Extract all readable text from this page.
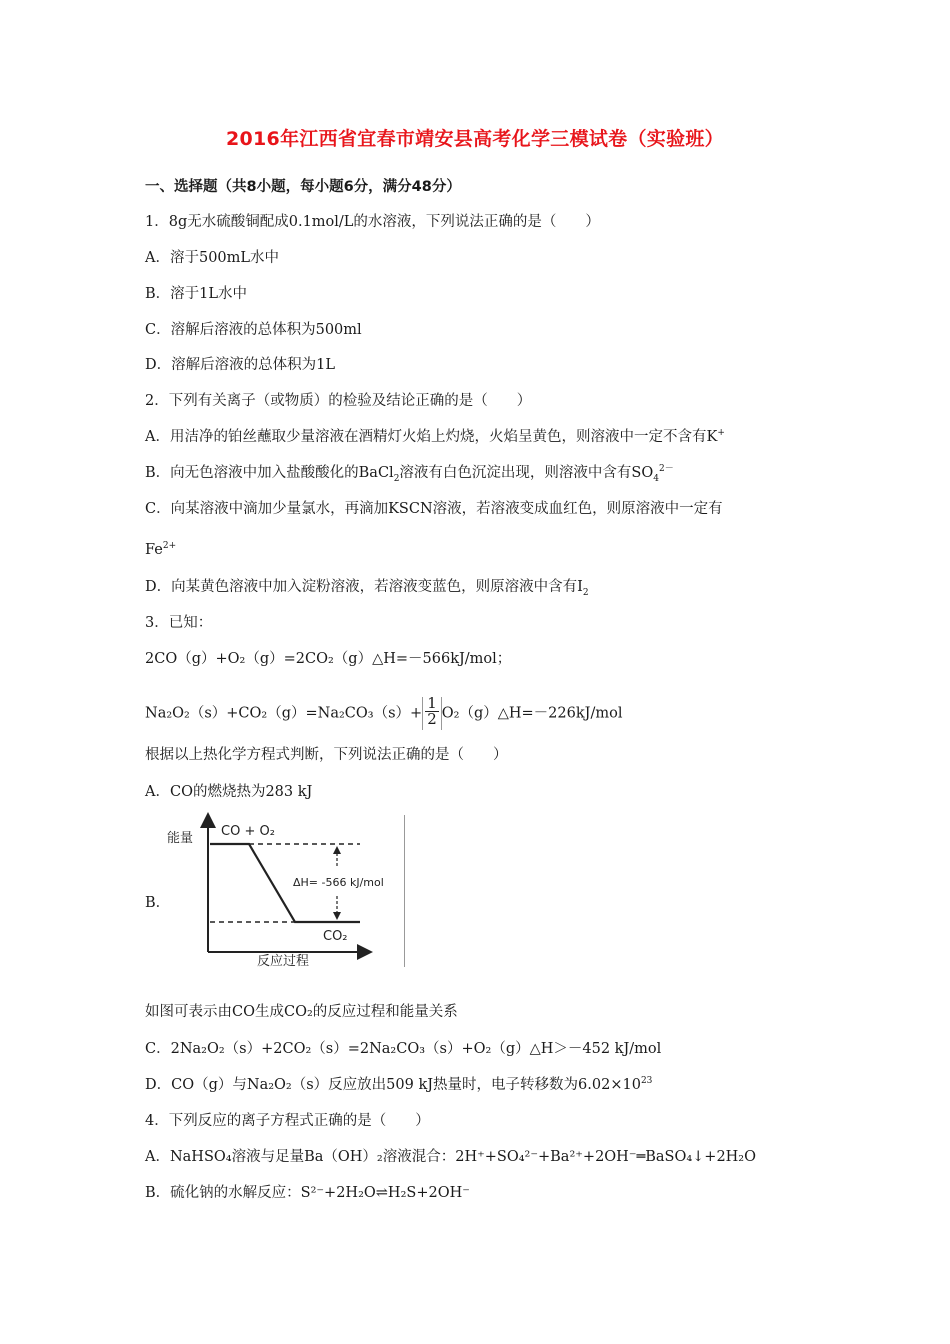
2016年江西省宜春市靖安县高考化学三模试卷（实验班）
一、选择题（共8小题，每小题6分，满分48分）
1．8g无水硫酸铜配成0.1mol/L的水溶液，下列说法正确的是（　　）
A．溶于500mL水中
B．溶于1L水中
C．溶解后溶液的总体积为500ml
D．溶解后溶液的总体积为1L
2．下列有关离子（或物质）的检验及结论正确的是（　　）
A．用洁净的铂丝蘸取少量溶液在酒精灯火焰上灼烧，火焰呈黄色，则溶液中一定不含有K+
B．向无色溶液中加入盐酸酸化的BaCl$_2$溶液有白色沉淀出现，则溶液中含有$SO_4^{2-}$
C．向某溶液中滴加少量氯水，再滴加KSCN溶液，若溶液变成血红色，则原溶液中一定有
$Fe^{2+}$
D．向某黄色溶液中加入淀粉溶液，若溶液变蓝色，则原溶液中含有$I_2$
3．已知：
2CO（g）+O₂（g）=2CO₂（g）△H=－566kJ/mol；
$Na_2O_2(s)+CO_2(g)=Na_2CO_3(s)+ \frac{1}{2}$ O₂（g）△H=－226kJ/mol
根据以上热化学方程式判断，下列说法正确的是（　　）
A．CO的燃烧热为283 kJ
B．
能量 CO + O₂
ΔH= -566 kJ/mol
CO₂
反应过程
如图可表示由CO生成CO₂的反应过程和能量关系
C．2Na₂O₂（s）+2CO₂（s）=2Na₂CO₃（s）+O₂（g）△H＞－452 kJ/mol
D．CO（g）与Na₂O₂（s）反应放出509 kJ热量时，电子转移数为$6.02\times 10^{23}$
4．下列反应的离子方程式正确的是（　　）
A．NaHSO₄溶液与足量Ba（OH）₂溶液混合：2H⁺+SO₄²⁻+Ba²⁺+2OH⁻═BaSO₄↓+2H₂O
B．硫化钠的水解反应：S²⁻+2H₂O⇌H₂S+2OH⁻
